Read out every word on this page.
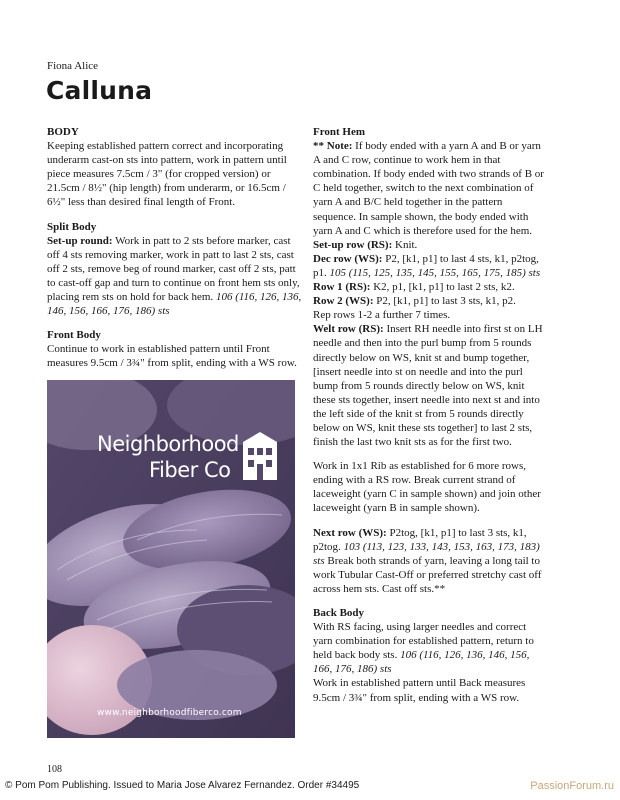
Fiona Alice
Calluna
BODY

Keeping established pattern correct and incorporating underarm cast-on sts into pattern, work in pattern until piece measures 7.5cm / 3" (for cropped version) or 21.5cm / 8½" (hip length) from underarm, or 16.5cm / 6½" less than desired final length of Front.

Split Body

Set-up round: Work in patt to 2 sts before marker, cast off 4 sts removing marker, work in patt to last 2 sts, cast off 2 sts, remove beg of round marker, cast off 2 sts, patt to cast-off gap and turn to continue on front hem sts only, placing rem sts on hold for back hem. 106 (116, 126, 136, 146, 156, 166, 176, 186) sts

Front Body

Continue to work in established pattern until Front measures 9.5cm / 3¾" from split, ending with a WS row.

Neighborhood
Fiber Co
www.neighborhoodfiberco.com
Front Hem
** Note: If body ended with a yarn A and B or yarn A and C row, continue to work hem in that combination. If body ended with two strands of B or C held together, switch to the next combination of yarn A and B/C held together in the pattern sequence. In sample shown, the body ended with yarn A and C which is therefore used for the hem.
Set-up row (RS): Knit.
Dec row (WS): P2, [k1, p1] to last 4 sts, k1, p2tog, p1. 105 (115, 125, 135, 145, 155, 165, 175, 185) sts
Row 1 (RS): K2, p1, [k1, p1] to last 2 sts, k2.
Row 2 (WS): P2, [k1, p1] to last 3 sts, k1, p2.
Rep rows 1-2 a further 7 times.
Welt row (RS): Insert RH needle into first st on LH needle and then into the purl bump from 5 rounds directly below on WS, knit st and bump together, [insert needle into st on needle and into the purl bump from 5 rounds directly below on WS, knit these sts together, insert needle into next st and into the left side of the knit st from 5 rounds directly below on WS, knit these sts together] to last 2 sts, finish the last two knit sts as for the first two.

Work in 1x1 Rib as established for 6 more rows, ending with a RS row. Break current strand of laceweight (yarn C in sample shown) and join other laceweight (yarn B in sample shown).

Next row (WS): P2tog, [k1, p1] to last 3 sts, k1, p2tog. 103 (113, 123, 133, 143, 153, 163, 173, 183) sts Break both strands of yarn, leaving a long tail to work Tubular Cast-Off or preferred stretchy cast off across hem sts. Cast off sts.**

Back Body

With RS facing, using larger needles and correct yarn combination for established pattern, return to held back body sts. 106 (116, 126, 136, 146, 156, 166, 176, 186) sts
Work in established pattern until Back measures 9.5cm / 3¾" from split, ending with a WS row.

108
© Pom Pom Publishing. Issued to Maria Jose Alvarez Fernandez. Order #34495	PassionForum.ru
